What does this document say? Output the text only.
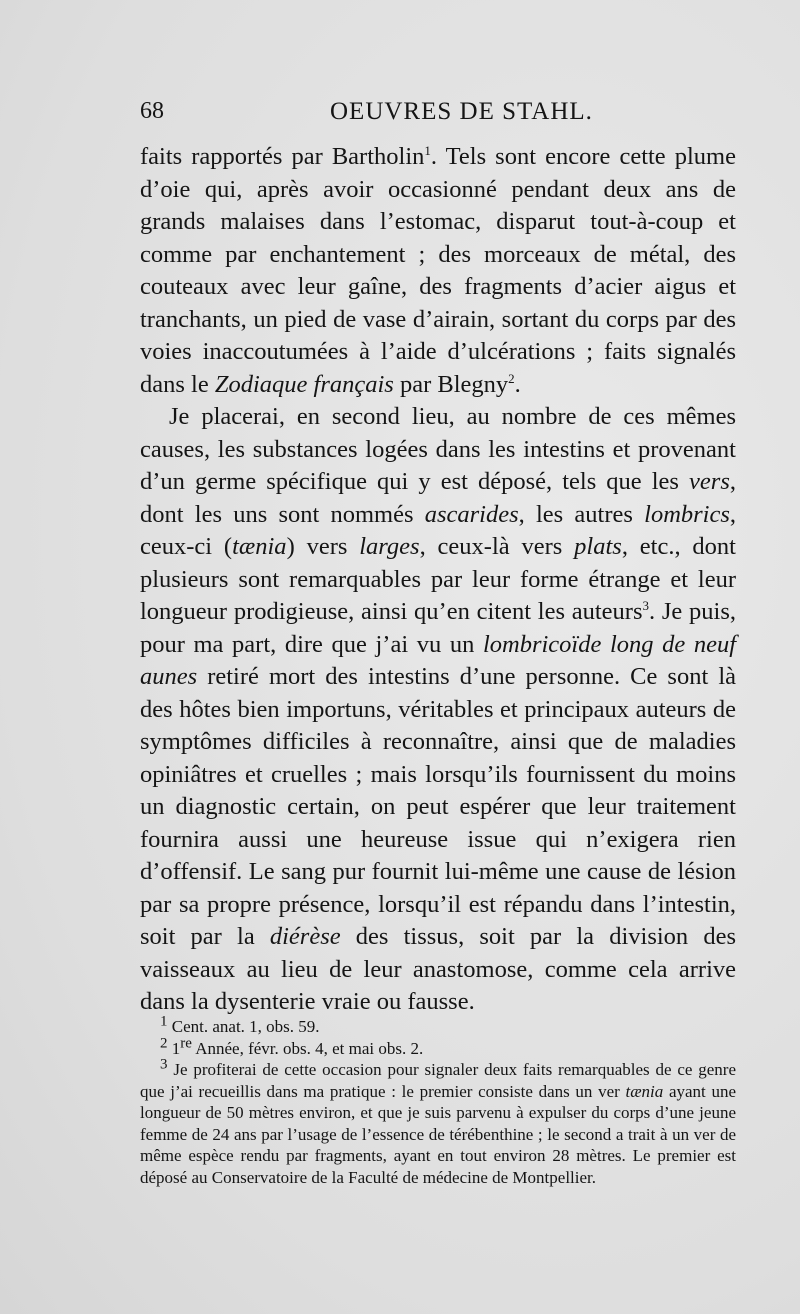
68	OEUVRES DE STAHL.

faits rapportés par Bartholin$^1$. Tels sont encore cette plume d’oie qui, après avoir occasionné pendant deux ans de grands malaises dans l’estomac, disparut tout-à-coup et comme par enchantement ; des morceaux de métal, des couteaux avec leur gaîne, des fragments d’acier aigus et tranchants, un pied de vase d’airain, sortant du corps par des voies inaccoutumées à l’aide d’ulcérations ; faits signalés dans le Zodiaque français par Blegny$^2$.

Je placerai, en second lieu, au nombre de ces mêmes causes, les substances logées dans les intestins et provenant d’un germe spécifique qui y est déposé, tels que les vers, dont les uns sont nommés ascarides, les autres lombrics, ceux-ci (tænia) vers larges, ceux-là vers plats, etc., dont plusieurs sont remarquables par leur forme étrange et leur longueur prodigieuse, ainsi qu’en citent les auteurs$^3$. Je puis, pour ma part, dire que j’ai vu un lombricoïde long de neuf aunes retiré mort des intestins d’une personne. Ce sont là des hôtes bien importuns, véritables et principaux auteurs de symptômes difficiles à reconnaître, ainsi que de maladies opiniâtres et cruelles ; mais lorsqu’ils fournissent du moins un diagnostic certain, on peut espérer que leur traitement fournira aussi une heureuse issue qui n’exigera rien d’offensif. Le sang pur fournit lui-même une cause de lésion par sa propre présence, lorsqu’il est répandu dans l’intestin, soit par la diérèse des tissus, soit par la division des vaisseaux au lieu de leur anastomose, comme cela arrive dans la dysenterie vraie ou fausse.

$^1$ Cent. anat. 1, obs. 59.

$^2$ 1re Année, févr. obs. 4, et mai obs. 2.

$^3$ Je profiterai de cette occasion pour signaler deux faits remarquables de ce genre que j’ai recueillis dans ma pratique : le premier consiste dans un ver tænia ayant une longueur de 50 mètres environ, et que je suis parvenu à expulser du corps d’une jeune femme de 24 ans par l’usage de l’essence de térébenthine ; le second a trait à un ver de même espèce rendu par fragments, ayant en tout environ 28 mètres. Le premier est déposé au Conservatoire de la Faculté de médecine de Montpellier.
